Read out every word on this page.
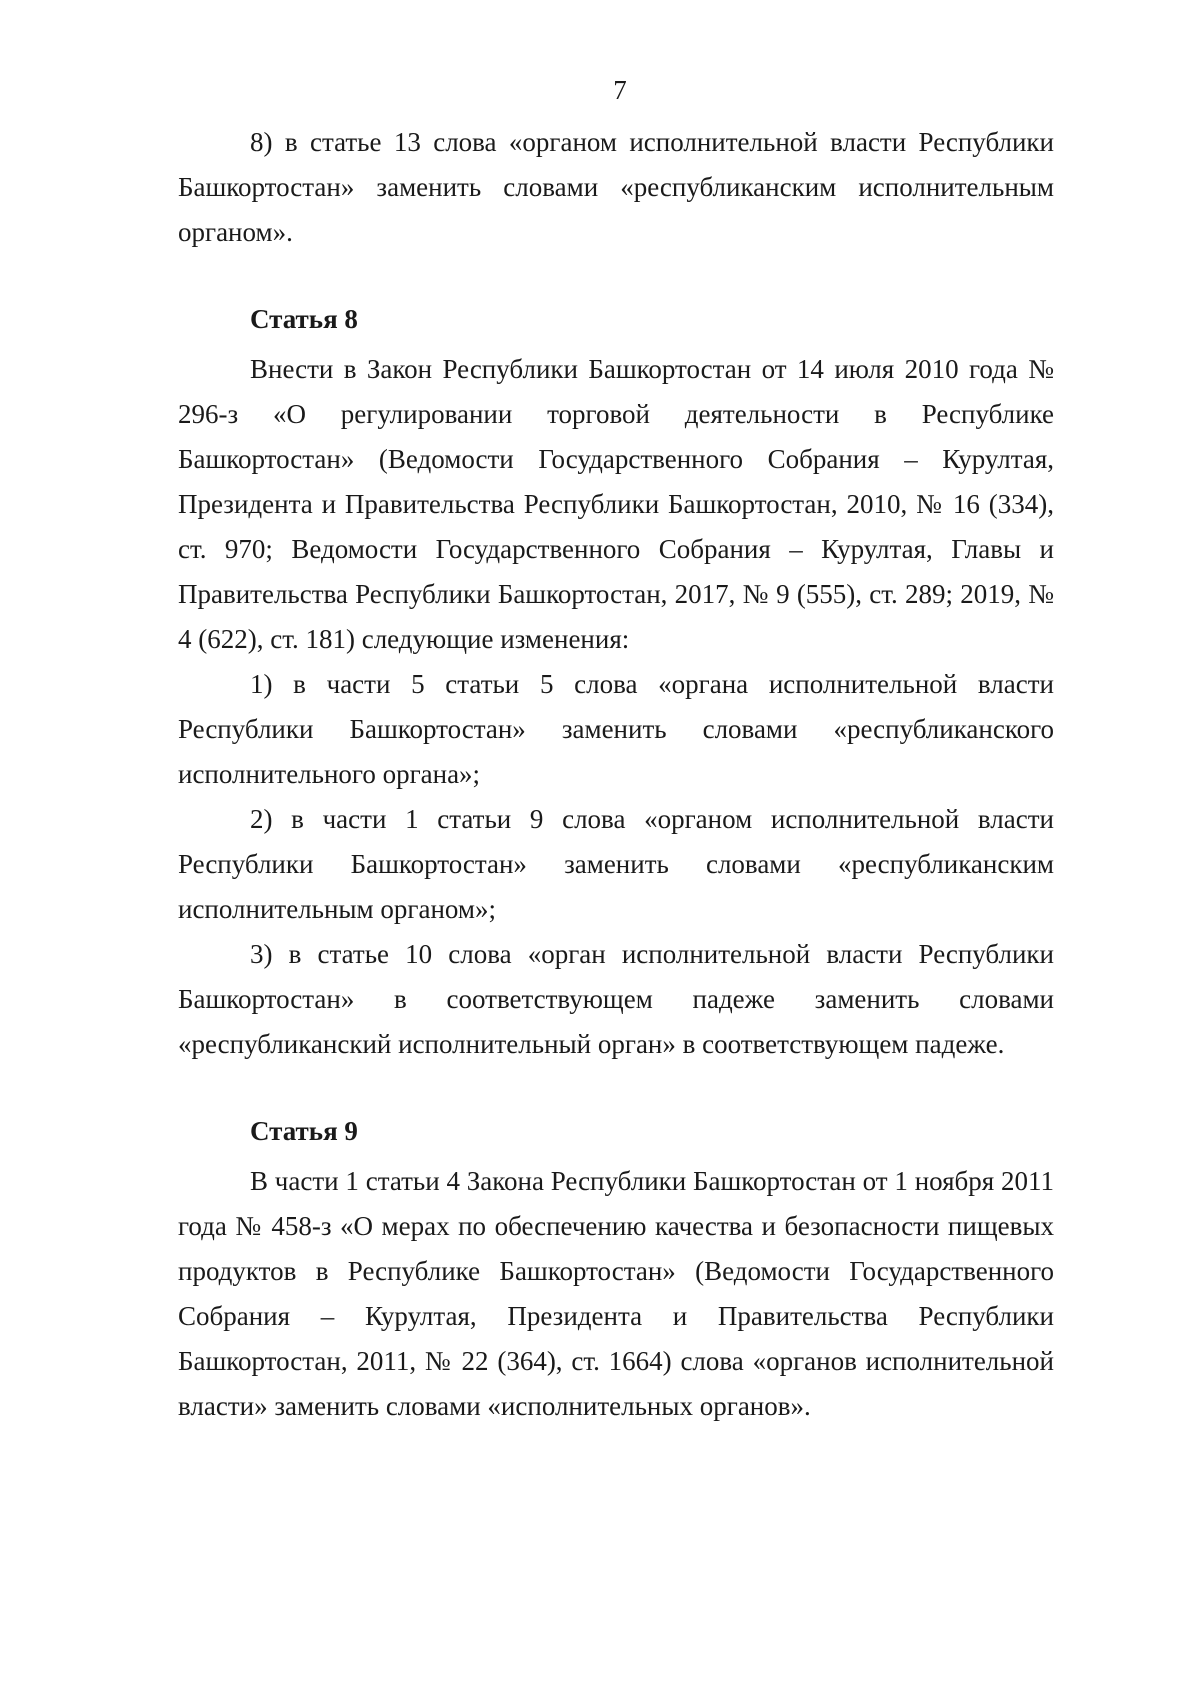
7

8) в статье 13 слова «органом исполнительной власти Республики Башкортостан» заменить словами «республиканским исполнительным органом».

Статья 8

Внести в Закон Республики Башкортостан от 14 июля 2010 года № 296-з «О регулировании торговой деятельности в Республике Башкортостан» (Ведомости Государственного Собрания – Курултая, Президента и Правительства Республики Башкортостан, 2010, № 16 (334), ст. 970; Ведомости Государственного Собрания – Курултая, Главы и Правительства Республики Башкортостан, 2017, № 9 (555), ст. 289; 2019, № 4 (622), ст. 181) следующие изменения:

1) в части 5 статьи 5 слова «органа исполнительной власти Республики Башкортостан» заменить словами «республиканского исполнительного органа»;

2) в части 1 статьи 9 слова «органом исполнительной власти Республики Башкортостан» заменить словами «республиканским исполнительным органом»;

3) в статье 10 слова «орган исполнительной власти Республики Башкортостан» в соответствующем падеже заменить словами «республиканский исполнительный орган» в соответствующем падеже.

Статья 9

В части 1 статьи 4 Закона Республики Башкортостан от 1 ноября 2011 года № 458-з «О мерах по обеспечению качества и безопасности пищевых продуктов в Республике Башкортостан» (Ведомости Государственного Собрания – Курултая, Президента и Правительства Республики Башкортостан, 2011, № 22 (364), ст. 1664) слова «органов исполнительной власти» заменить словами «исполнительных органов».
